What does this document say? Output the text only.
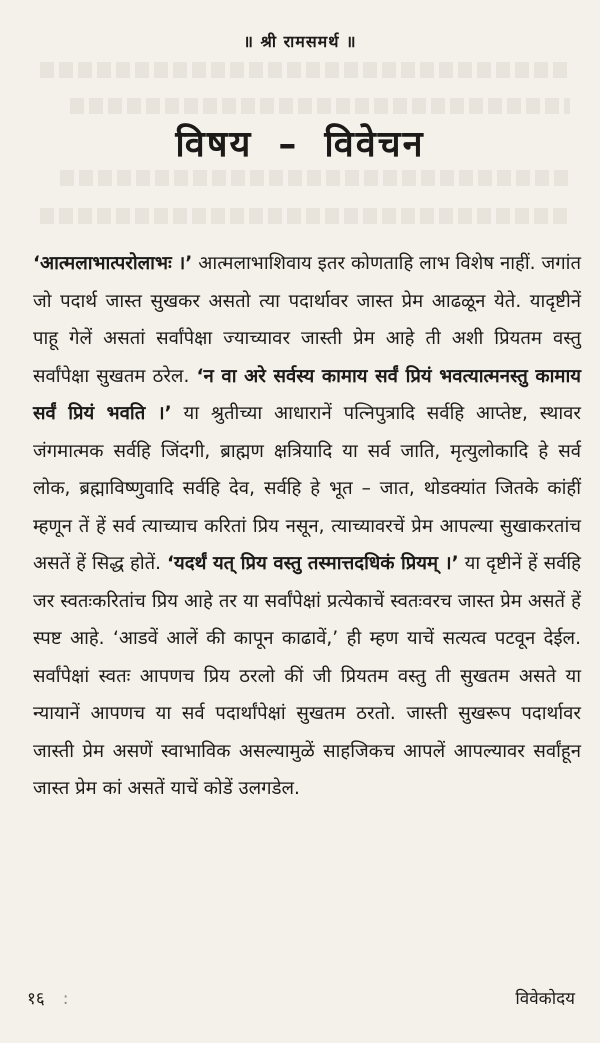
॥ श्री रामसमर्थ ॥
विषय – विवेचन
‘आत्मलाभात्परोलाभः ।’ आत्मलाभाशिवाय इतर कोणताहि लाभ विशेष नाहीं. जगांत जो पदार्थ जास्त सुखकर असतो त्या पदार्थावर जास्त प्रेम आढळून येते. यादृष्टीनें पाहू गेलें असतां सर्वांपेक्षा ज्याच्यावर जास्ती प्रेम आहे ती अशी प्रियतम वस्तु सर्वांपेक्षा सुखतम ठरेल. ‘न वा अरे सर्वस्य कामाय सर्वं प्रियं भवत्यात्मनस्तु कामाय सर्वं प्रियं भवति ।’ या श्रुतीच्या आधारानें पत्निपुत्रादि सर्वहि आप्तेष्ट, स्थावर जंगमात्मक सर्वहि जिंदगी, ब्राह्मण क्षत्रियादि या सर्व जाति, मृत्युलोकादि हे सर्व लोक, ब्रह्माविष्णुवादि सर्वहि देव, सर्वहि हे भूत – जात, थोडक्यांत जितके कांहीं म्हणून तें हें सर्व त्याच्याच करितां प्रिय नसून, त्याच्यावरचें प्रेम आपल्या सुखाकरतांच असतें हें सिद्ध होतें. ‘यदर्थं यत् प्रिय वस्तु तस्मात्तदधिकं प्रियम् ।’ या दृष्टीनें हें सर्वहि जर स्वतःकरितांच प्रिय आहे तर या सर्वांपेक्षां प्रत्येकाचें स्वतःवरच जास्त प्रेम असतें हें स्पष्ट आहे. ‘आडवें आलें की कापून काढावें,’ ही म्हण याचें सत्यत्व पटवून देईल. सर्वांपेक्षां स्वतः आपणच प्रिय ठरलो कीं जी प्रियतम वस्तु ती सुखतम असते या न्यायानें आपणच या सर्व पदार्थांपेक्षां सुखतम ठरतो. जास्ती सुखरूप पदार्थावर जास्ती प्रेम असणें स्वाभाविक असल्यामुळें साहजिकच आपलें आपल्यावर सर्वांहून जास्त प्रेम कां असतें याचें कोडें उलगडेल.
१६ :	विवेकोदय
